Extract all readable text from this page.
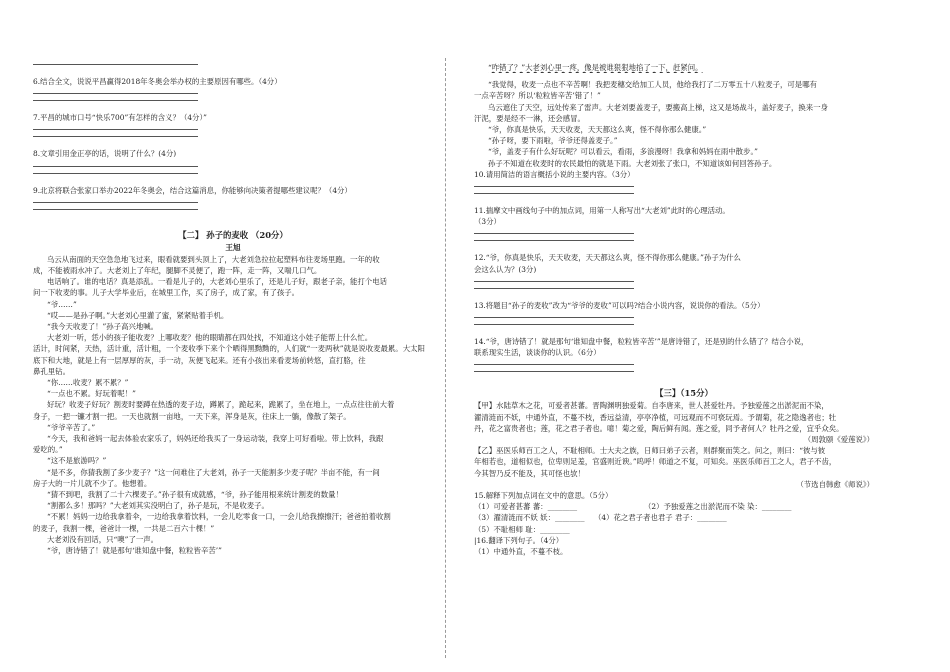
6.结合全文，说说平昌赢得2018年冬奥会举办权的主要原因有哪些。（4分）
7.平昌的城市口号“快乐700”有怎样的含义？（4分）”
8.文章引用金正亭的话，说明了什么？(4分)
9.北京将联合张家口举办2022年冬奥会，结合这篇消息，你能够向决策者提哪些建议呢？（4分）
【二】 孙子的麦收 （20分）
王旭
乌云从南面的天空急急地飞过来，眼看就要到头顶上了，大老刘急拉拉起塑料布往麦场里跑。一年的收
成，不能被雨水冲了。大老刘上了年纪，腿脚不灵便了，跑一阵，走一阵，又喘几口气。
电话响了。谁的电话？真是添乱。一看是儿子的，大老刘心里乐了，还是儿子好，跟老子亲，能打个电话
问一下收麦的事。儿子大学毕业后，在城里工作，买了房子，成了家，有了孩子。
“爷……”
“哎——是孙子啊。”大老刘心里灌了蜜，紧紧贴着手机。
“我今天收麦了！”孙子高兴地喊。
大老刘一听，恁小的孩子能收麦？上哪收麦？他的眼睛都在四处找，不知道这小娃子能帮上什么忙。
活计，时间紧，天热，活计重，活计粗，一个麦收季下来个个晒得黑黝黝的，人们就“一麦两秋”就是说收麦最累。大太阳
底下和大地，就是上有一层厚厚的灰，手一动，灰便飞起来。还有小孩出来看麦场前转悠，直打胳，往
鼻孔里钻。
“你……收麦？累不累？”
“一点也不累。好玩着呢！”
好玩？收麦子好玩？割麦时要蹲在热透的麦子边，蹲累了，跪起来，跪累了，坐在地上，一点点往往前大着
身子，一把一镰才割一把。一天也就割一亩地，一天下来，浑身是灰，往床上一躺，像散了架子。
“爷爷辛苦了。”
“今天，我和爸妈一起去体验农家乐了，妈妈还给我买了一身运动装，我穿上可好看啦。带上饮料，我跟
爱吃的。”
“这不是旅游吗？”
“是不多，你猜我割了多少麦子？”这一问难住了大老刘，孙子一天能割多少麦子呢？半亩不能，有一间
房子大的一片儿就不少了。他想着。
“猜不到吧，我割了二十六棵麦子。”孙子很有成就感，“爷，孙子能用根来统计割麦的数量！
“割都么多！那吗？”大老刘其实没明白了，孙子是玩，不是收麦子。
“不累！妈妈一边给我拿着伞，一边给我拿着饮料，一会儿吃零食一口，一会儿给我擦擦汗；爸爸拍着收割
的麦子，我割一棵，爸爸计一棵，一共是二百六十棵！”
大老刘没有回话，只“噢”了一声。
“爷，唐诗错了！就是那句‘谁知盘中餐，粒粒皆辛苦’”
“咋错了？”大老刘心里一疼，像是被谁狠狠地掐了一下，赶紧问。
“我觉得，收麦一点也不辛苦啊！我把麦穗交给加工人员，他给我打了二万零五十八粒麦子，可是哪有
一点辛苦呀？所以‘粒粒皆辛苦’错了！”
乌云遮住了天空，远处传来了雷声。大老刘要盖麦子，要搬高上梯，这又是场战斗，盖好麦子，换来一身
汗泥，要是经不一淋，还会感冒。
“爷，你真是快乐，天天收麦，天天都这么爽，怪不得你那么健康。”
“孙子呀，要下雨啦，爷爷还得盖麦子。”
“爷，盖麦子有什么好玩呢？可以看云，看雨，多浪漫呀！我拿和妈妈在雨中散步。”
孙子不知道在收麦时的农民最怕的就是下雨。大老刘张了张口，不知道该如何回答孙子。
10.请用简洁的语言概括小说的主要内容。（3分）
11.揣摩文中画线句子中的加点词，用第一人称写出“大老刘”此时的心理活动。
（3分）
12.“爷，你真是快乐，天天收麦，天天都这么爽，怪不得你那么健康。”孙子为什么
会这么认为？(3分)
13.将题目“孙子的麦收”改为“爷爷的麦收”可以吗?结合小说内容，说说你的看法。（5分）
14.“爷，唐诗错了！就是那句‘谁知盘中餐，粒粒皆辛苦’”是唐诗错了，还是别的什么错了？结合小说，
联系现实生活，谈谈你的认识。（6分）
【三】（15分）
【甲】水陆草木之花，可爱者甚蕃。晋陶渊明独爱菊。自李唐来，世人甚爱牡丹。予独爱莲之出淤泥而不染，
濯清涟而不妖，中通外直，不蔓不枝，香远益清，亭亭净植，可远观而不可亵玩焉。予谓菊，花之隐逸者也；牡
丹，花之富贵者也；莲，花之君子者也。噫！菊之爱，陶后鲜有闻。莲之爱，同予者何人？牡丹之爱，宜乎众矣。
（周敦颐《爱莲说》）
【乙】巫医乐师百工之人，不耻相师。士大夫之族，日师曰弟子云者，则群聚而笑之。问之，则曰：“彼与彼
年相若也，道相似也，位卑则足羞，官盛则近谀。”呜呼！师道之不复，可知矣。巫医乐师百工之人，君子不齿，
今其智乃反不能及，其可怪也欤！
（节选自韩愈《师说》）
15.解释下列加点词在文中的意思。（5分）
（1）可爱者甚蕃 蕃：________	（2）予独爱莲之出淤泥而不染 染：________
（3）濯清涟而不妖 妖：________	（4）花之君子者也君子 君子：________
（5）不耻相师 耻：________
|16.翻译下列句子。（4分）
（1）中通外直，不蔓不枝。
